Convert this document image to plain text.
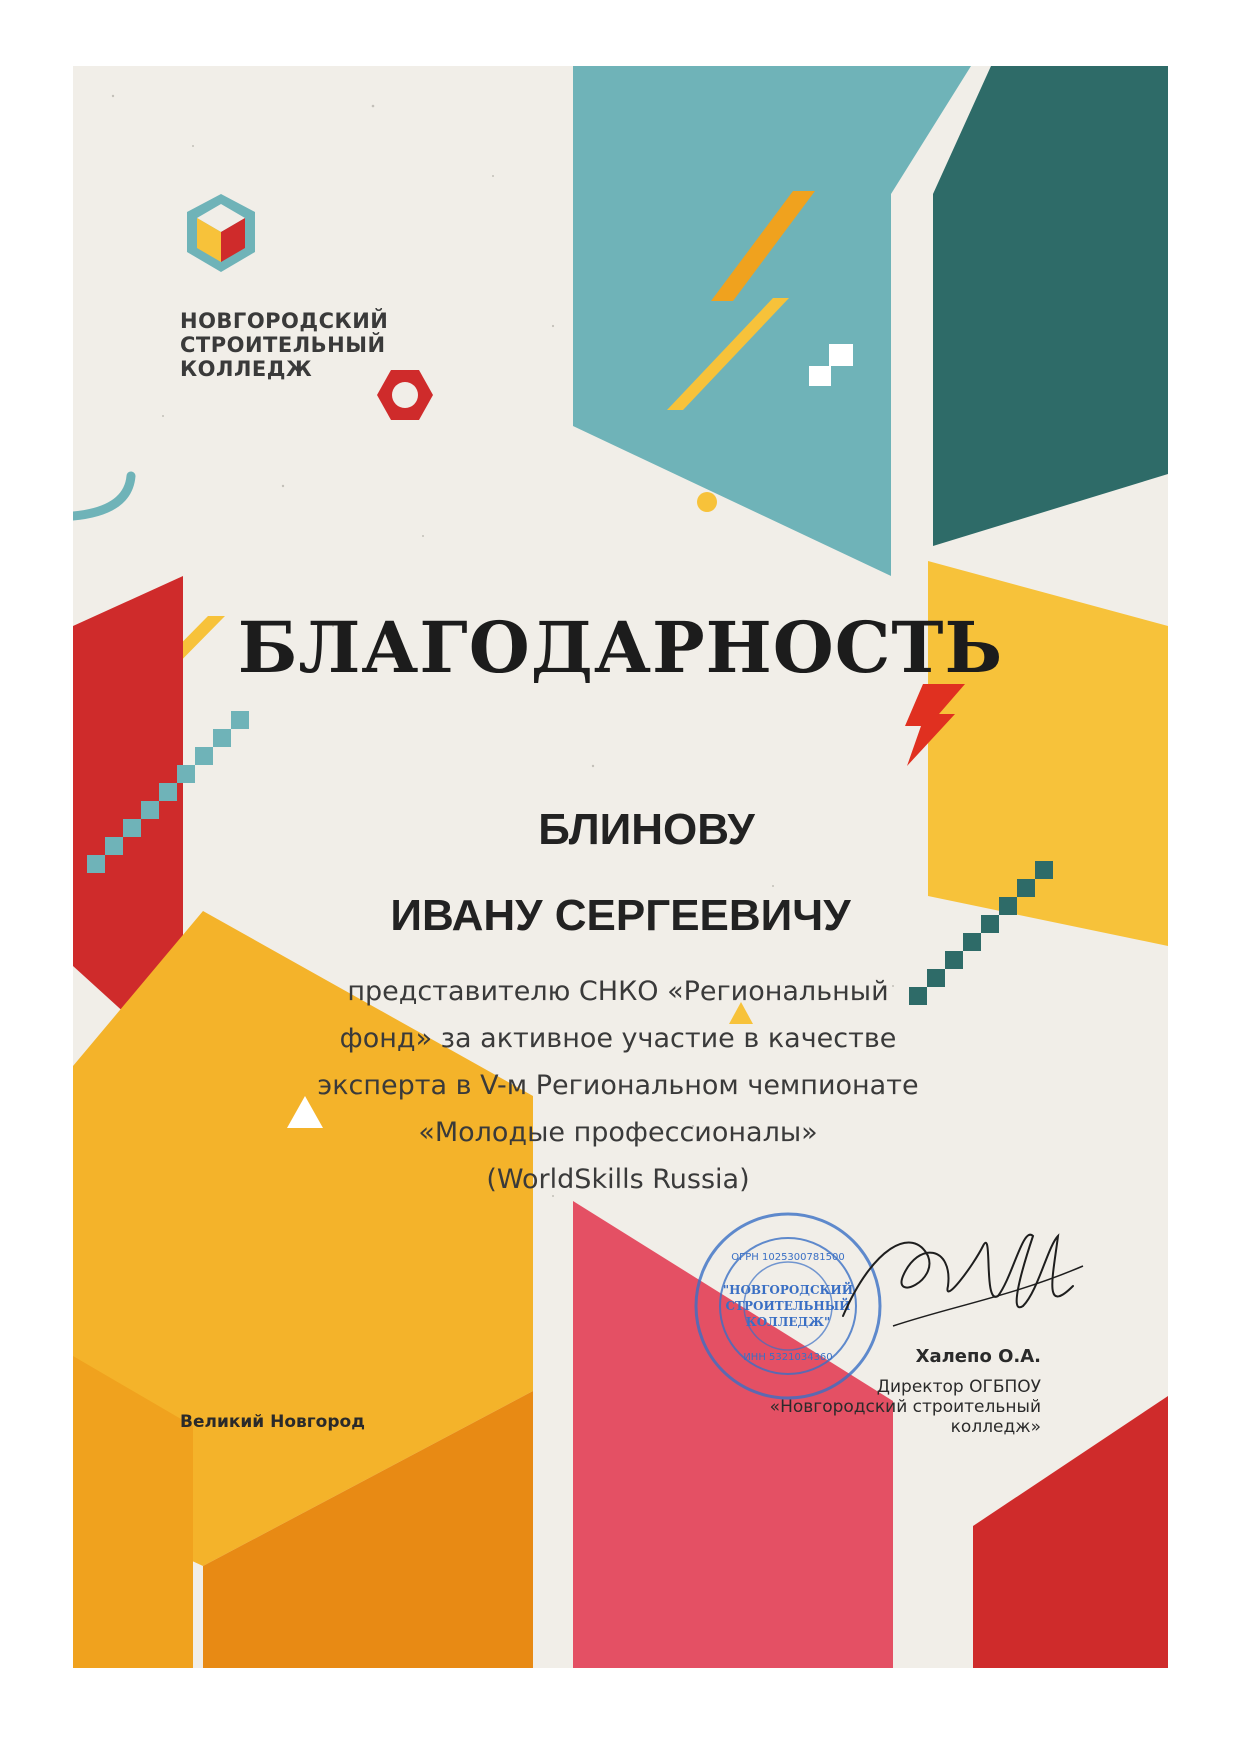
НОВГОРОДСКИЙ
СТРОИТЕЛЬНЫЙ
КОЛЛЕДЖ
БЛАГОДАРНОСТЬ
БЛИНОВУ
ИВАНУ СЕРГЕЕВИЧУ
представителю СНКО «Региональный
фонд» за активное участие в качестве
эксперта в V-м Региональном чемпионате
«Молодые профессионалы»
(WorldSkills Russia)
Великий Новгород
"НОВГОРОДСКИЙ
СТРОИТЕЛЬНЫЙ
КОЛЛЕДЖ"
ОГРН 1025300781500
ИНН 5321034360	Халепо О.А.
Директор ОГБПОУ
«Новгородский строительный
колледж»
